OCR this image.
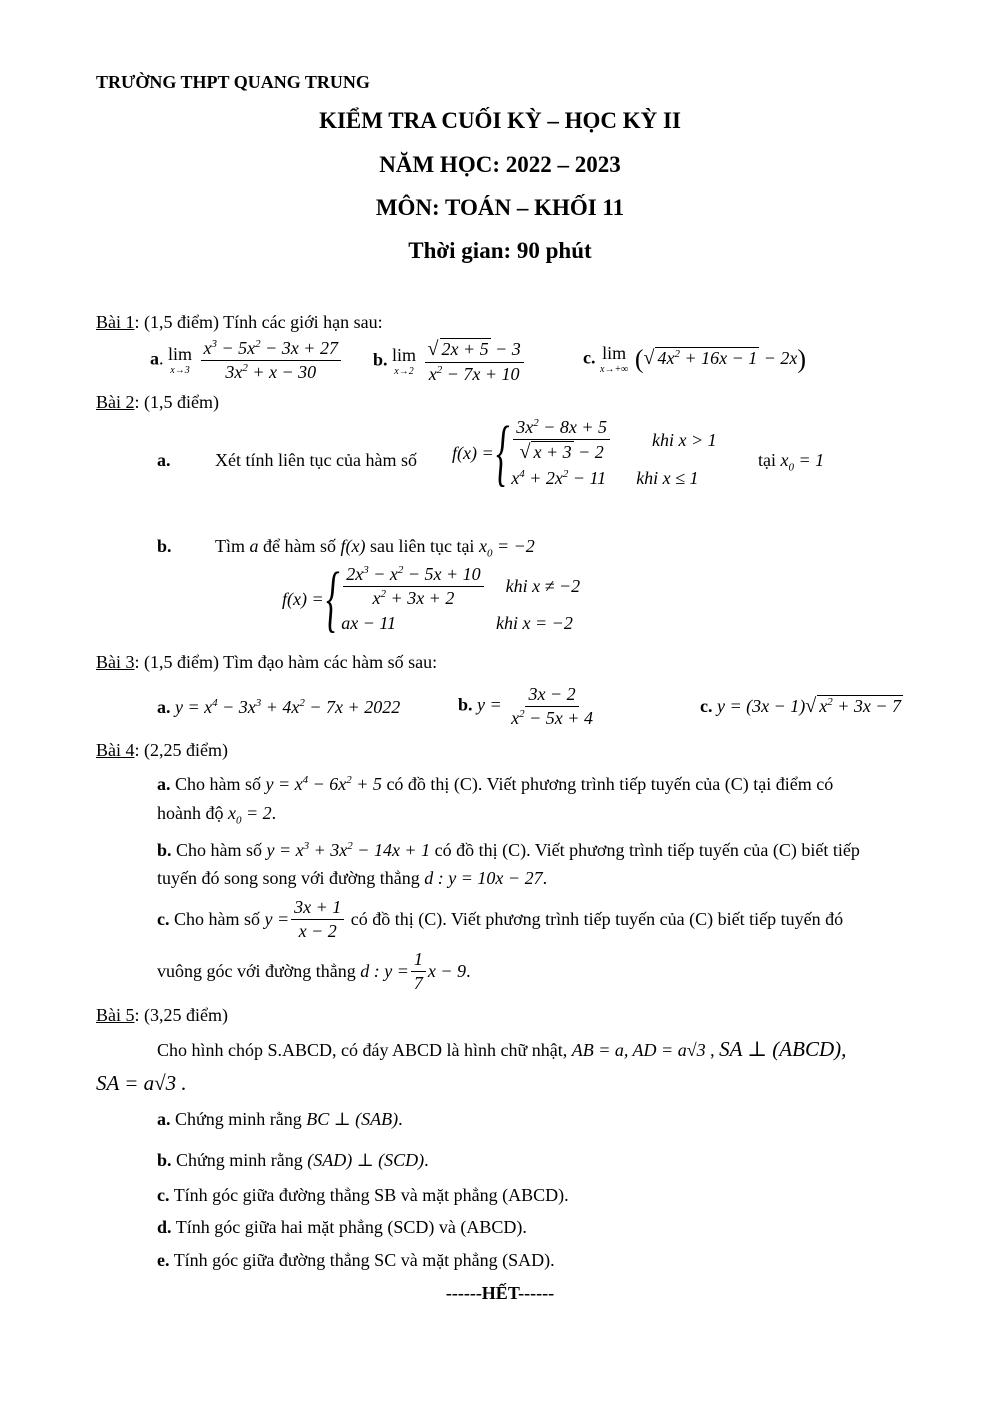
TRƯỜNG THPT QUANG TRUNG
KIỂM TRA CUỐI KỲ – HỌC KỲ II
NĂM HỌC: 2022 – 2023
MÔN: TOÁN – KHỐI 11
Thời gian: 90 phút
Bài 1: (1,5 điểm) Tính các giới hạn sau:
a. lim
x→3
$\frac{x^3 - 5x^2 - 3x + 27}{3x^2 + x - 30} b$. lim
x→2
$\frac{√ 2x + 5 - 3}{x^2 - 7x + 10}$	c. lim
x→+∞ (√ $4x^2 + 16x - 1 - 2x$)
Bài 2: (1,5 điểm)
a. Xét tính liên tục của hàm số f (x) = { $\frac{3x^2 - 8x + 5}{√ x + 3 - 2}$ khi x > 1
$x^4 + 2x^2 - 11$ khi x ≤ 1
tại $x_0 = 1$
b. Tìm a để hàm số f(x) sau liên tục tại $x_0 = -2$
f (x) = { $\frac{2x^3 - x^2 - 5x + 10}{x^2 + 3x + 2}$ khi x ≠ −2
ax − 11	khi x = −2
Bài 3: (1,5 điểm) Tìm đạo hàm các hàm số sau:
a. $y = x^4 - 3x^3 + 4x^2 - 7x + 2022$	b. $y = \frac{3x - 2}{x^2 - 5x + 4}$	c. y = (3x − 1)√ $x^2 + 3x - 7$
Bài 4: (2,25 điểm)
a. Cho hàm số $y = x^4 - 6x^2 + 5$ có đồ thị (C). Viết phương trình tiếp tuyến của (C) tại điểm có
hoành độ $x_0 = 2$.
b. Cho hàm số $y = x^3 + 3x^2 - 14x + 1$ có đồ thị (C). Viết phương trình tiếp tuyến của (C) biết tiếp
tuyến đó song song với đường thẳng d : y = 10x − 27.
c.
Cho hàm số
$y = \frac{3x + 1}{x - 2}$
có đồ thị (C). Viết phương trình tiếp tuyến của (C) biết tiếp tuyến đó
vuông góc với đường thẳng
d : $y = \frac{1}{7}$ x − 9 .
Bài 5: (3,25 điểm)
Cho hình chóp S.ABCD, có đáy ABCD là hình chữ nhật, AB = a, AD = a√3 , SA ⊥ (ABCD),
SA = a√3 .
a. Chứng minh rằng BC ⊥ (SAB).
b. Chứng minh rằng (SAD) ⊥ (SCD).
c. Tính góc giữa đường thẳng SB và mặt phẳng (ABCD).
d. Tính góc giữa hai mặt phẳng (SCD) và (ABCD).
e. Tính góc giữa đường thẳng SC và mặt phẳng (SAD).
------HẾT------
